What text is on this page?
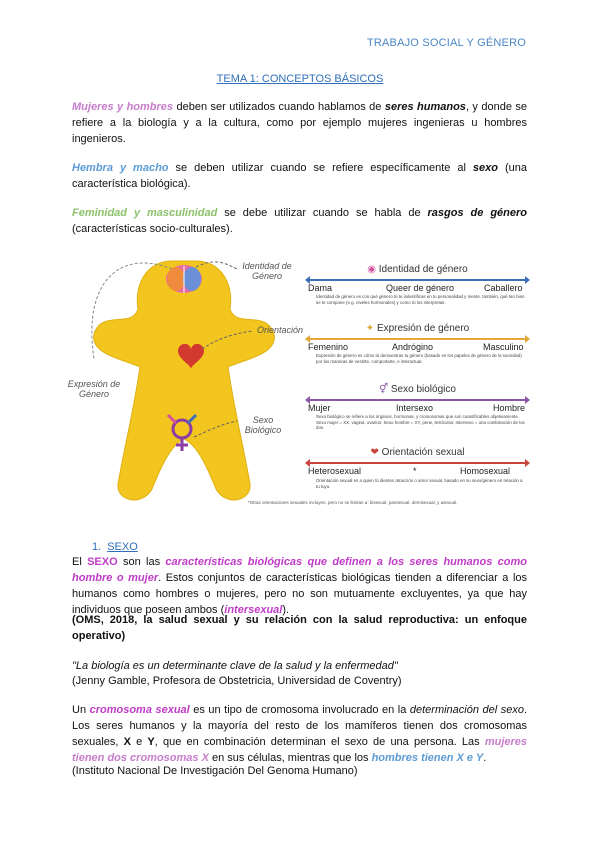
TRABAJO SOCIAL Y GÉNERO
TEMA 1: CONCEPTOS BÁSICOS
Mujeres y hombres deben ser utilizados cuando hablamos de seres humanos, y donde se refiere a la biología y a la cultura, como por ejemplo mujeres ingenieras u hombres ingenieros.
Hembra y macho se deben utilizar cuando se refiere específicamente al sexo (una característica biológica).
Feminidad y masculinidad se debe utilizar cuando se habla de rasgos de género (características socio-culturales).
Identidad de Género
Orientación
Expresión de Género
Sexo Biológico
◉ Identidad de género
Dama	Queer de género	Caballero
Identidad de género es con qué género tú te indentificas en tu personalidad y mente. también, qué tan bien se te compone (e.g. niveles hormonales) y como tú los interpretas.
✦ Expresión de género
Femenino	Andrógino	Masculino
Expresión de género es cómo tú demuestras tu género (basado en los papeles de género de la sociedad) por las maneras de vestirte, comportarte, e interactuar.
⚥ Sexo biológico
Mujer	Intersexo	Hombre
Sexo biológico se refiere a los órganos, hormonas, y cromosomas que son cuantificables objetivamente. Sexo mujer = XX, vagina, ovarios; Sexo hombre = XY, pene, testículos; Intersexo = una combinación de los dos.
❤ Orientación sexual
Heterosexual	*	Homosexual
Orientación sexual es a quien tú dientes atracción o amor sexual, basado en su sexo/género en relación a tu tuyo.
*Otras orientaciones sexuales incluyen, pero no se limitan a: bisexual, pansexual, demisexual, y asexual.
1. SEXO
El SEXO son las características biológicas que definen a los seres humanos como hombre o mujer. Estos conjuntos de características biológicas tienden a diferenciar a los humanos como hombres o mujeres, pero no son mutuamente excluyentes, ya que hay individuos que poseen ambos (intersexual).
(OMS, 2018, la salud sexual y su relación con la salud reproductiva: un enfoque operativo)
"La biología es un determinante clave de la salud y la enfermedad"
(Jenny Gamble, Profesora de Obstetricia, Universidad de Coventry)
Un cromosoma sexual es un tipo de cromosoma involucrado en la determinación del sexo. Los seres humanos y la mayoría del resto de los mamíferos tienen dos cromosomas sexuales, X e Y, que en combinación determinan el sexo de una persona. Las mujeres tienen dos cromosomas X en sus células, mientras que los hombres tienen X e Y.
(Instituto Nacional De Investigación Del Genoma Humano)
